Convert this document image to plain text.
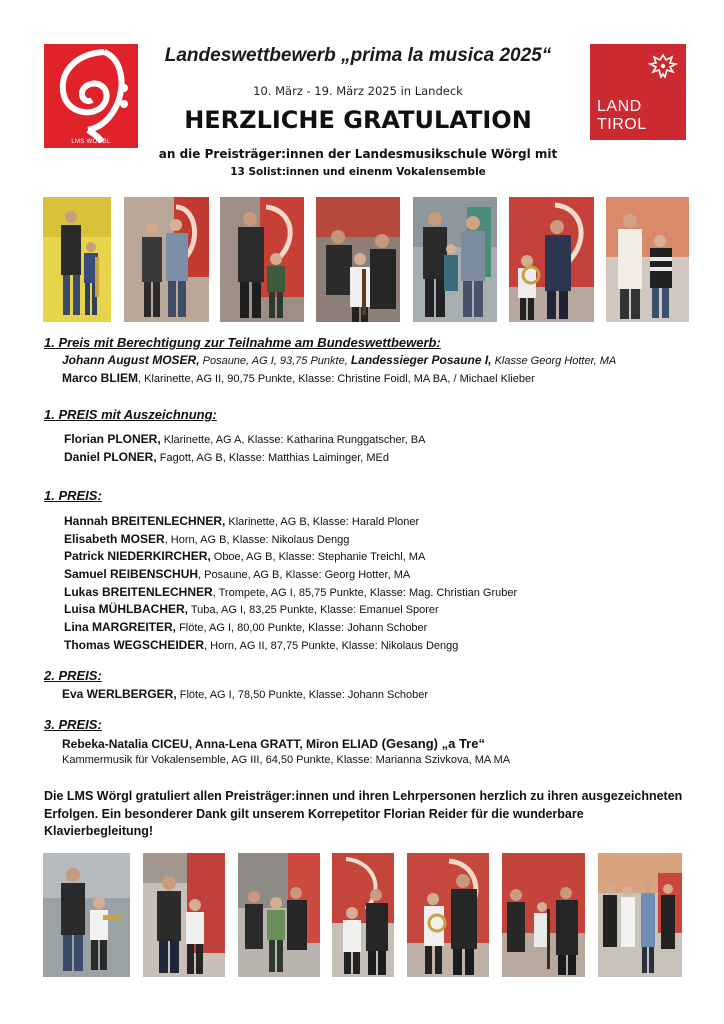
LMS WÖRGL
LAND
TIROL
Landeswettbewerb „prima la musica 2025“
10. März - 19. März 2025 in Landeck
HERZLICHE GRATULATION
an die Preisträger:innen der Landesmusikschule Wörgl mit
13 Solist:innen und einenm Vokalensemble
1. Preis mit Berechtigung zur Teilnahme am Bundeswettbewerb:
Johann August MOSER, Posaune, AG I, 93,75 Punkte, Landessieger Posaune I, Klasse Georg Hotter, MA
Marco BLIEM, Klarinette, AG II, 90,75 Punkte, Klasse: Christine Foidl, MA BA, / Michael Klieber
1. PREIS mit Auszeichnung:
Florian PLONER, Klarinette, AG A, Klasse: Katharina Runggatscher, BA
Daniel PLONER, Fagott, AG B, Klasse: Matthias Laiminger, MEd
1. PREIS:
Hannah BREITENLECHNER, Klarinette, AG B, Klasse: Harald Ploner
Elisabeth MOSER, Horn, AG B, Klasse: Nikolaus Dengg
Patrick NIEDERKIRCHER, Oboe, AG B, Klasse: Stephanie Treichl, MA
Samuel REIBENSCHUH, Posaune, AG B, Klasse: Georg Hotter, MA
Lukas BREITENLECHNER, Trompete, AG I, 85,75 Punkte, Klasse: Mag. Christian Gruber
Luisa MÜHLBACHER, Tuba, AG I, 83,25 Punkte, Klasse: Emanuel Sporer
Lina MARGREITER, Flöte, AG I, 80,00 Punkte, Klasse: Johann Schober
Thomas WEGSCHEIDER, Horn, AG II, 87,75 Punkte, Klasse: Nikolaus Dengg
2. PREIS:
Eva WERLBERGER, Flöte, AG I, 78,50 Punkte, Klasse: Johann Schober
3. PREIS:
Rebeka-Natalia CICEU, Anna-Lena GRATT, Miron ELIAD (Gesang) „a Tre“
Kammermusik für Vokalensemble, AG III, 64,50 Punkte, Klasse: Marianna Szivkova, MA MA
Die LMS Wörgl gratuliert allen Preisträger:innen und ihren Lehrpersonen herzlich zu ihren ausgezeichneten Erfolgen. Ein besonderer Dank gilt unserem Korrepetitor Florian Reider für die wunderbare Klavierbegleitung!
